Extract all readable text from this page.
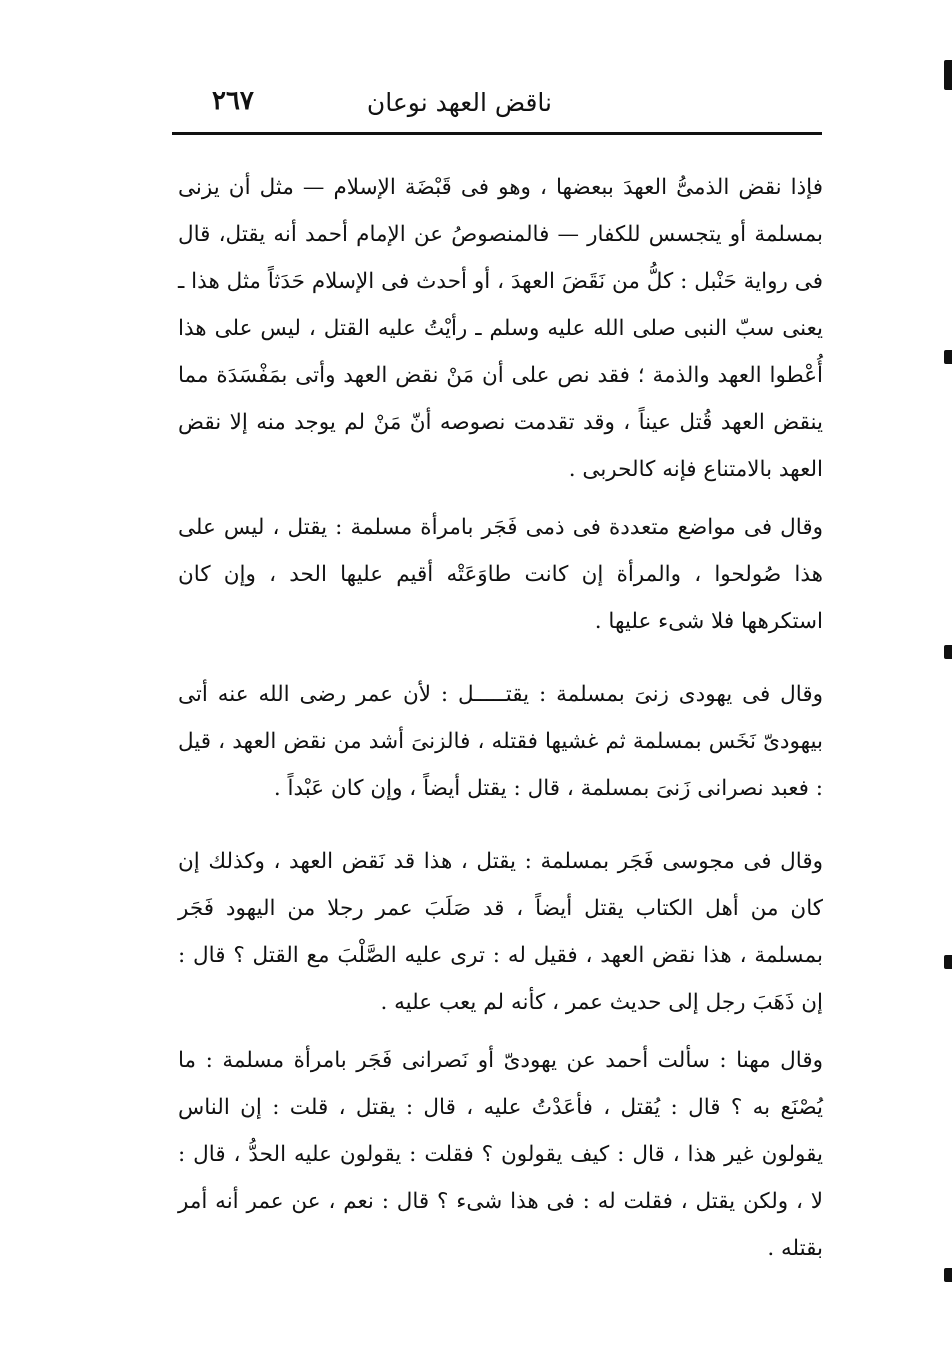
٢٦٧	ناقض العهد نوعان

فإذا نقض الذمىُّ العهدَ ببعضها ، وهو فى قَبْضَة الإسلام — مثل أن يزنى بمسلمة أو يتجسس للكفار — فالمنصوصُ عن الإمام أحمد أنه يقتل، قال فى رواية حَنْبل : كلُّ من نَقَضَ العهدَ ، أو أحدث فى الإسلام حَدَثاً مثل هذا ـ يعنى سبّ النبى صلى الله عليه وسلم ـ رأيْتُ عليه القتل ، ليس على هذا أُعْطوا العهد والذمة ؛ فقد نص على أن مَنْ نقض العهد وأتى بمَفْسَدَة مما ينقض العهد قُتل عيناً ، وقد تقدمت نصوصه أنّ مَنْ لم يوجد منه إلا نقض العهد بالامتناع فإنه كالحربى .

وقال فى مواضع متعددة فى ذمى فَجَر بامرأة مسلمة : يقتل ، ليس على هذا صُولحوا ، والمرأة إن كانت طاوَعَتْه أقيم عليها الحد ، وإن كان استكرهها فلا شىء عليها .

وقال فى يهودى زنىَ بمسلمة : يقتـــــل : لأن عمر رضى الله عنه أتى بيهودىّ نَخَس بمسلمة ثم غشيها فقتله ، فالزنىَ أشد من نقض العهد ، قيل : فعبد نصرانى زَنىَ بمسلمة ، قال : يقتل أيضاً ، وإن كان عَبْداً .

وقال فى مجوسى فَجَر بمسلمة : يقتل ، هذا قد نَقض العهد ، وكذلك إن كان من أهل الكتاب يقتل أيضاً ، قد صَلَبَ عمر رجلا من اليهود فَجَر بمسلمة ، هذا نقض العهد ، فقيل له : ترى عليه الصَّلْبَ مع القتل ؟ قال : إن ذَهَبَ رجل إلى حديث عمر ، كأنه لم يعب عليه .

وقال مهنا : سألت أحمد عن يهودىّ أو نَصرانى فَجَر بامرأة مسلمة : ما يُصْنَع به ؟ قال : يُقتل ، فأعَدْتُ عليه ، قال : يقتل ، قلت : إن الناس يقولون غير هذا ، قال : كيف يقولون ؟ فقلت : يقولون عليه الحدُّ ، قال : لا ، ولكن يقتل ، فقلت له : فى هذا شىء ؟ قال : نعم ، عن عمر أنه أمر بقتله .
